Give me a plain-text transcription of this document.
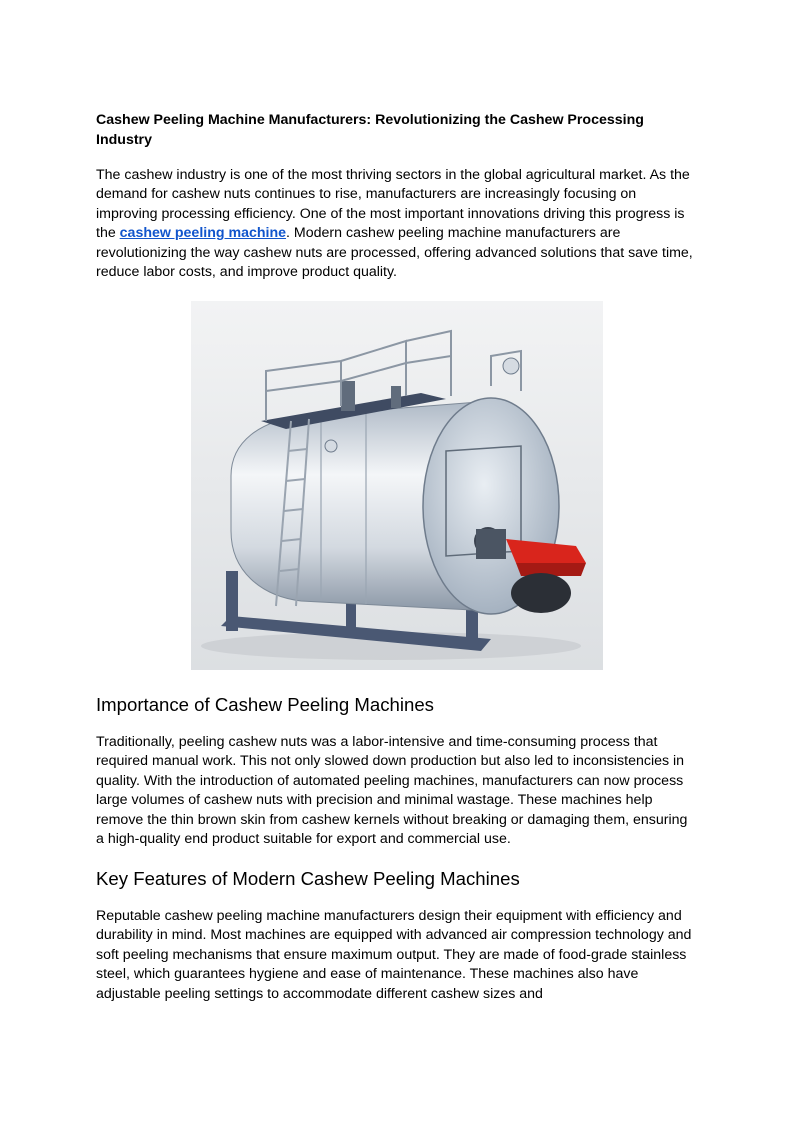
Cashew Peeling Machine Manufacturers: Revolutionizing the Cashew Processing Industry

The cashew industry is one of the most thriving sectors in the global agricultural market. As the demand for cashew nuts continues to rise, manufacturers are increasingly focusing on improving processing efficiency. One of the most important innovations driving this progress is the cashew peeling machine. Modern cashew peeling machine manufacturers are revolutionizing the way cashew nuts are processed, offering advanced solutions that save time, reduce labor costs, and improve product quality.

Importance of Cashew Peeling Machines

Traditionally, peeling cashew nuts was a labor-intensive and time-consuming process that required manual work. This not only slowed down production but also led to inconsistencies in quality. With the introduction of automated peeling machines, manufacturers can now process large volumes of cashew nuts with precision and minimal wastage. These machines help remove the thin brown skin from cashew kernels without breaking or damaging them, ensuring a high-quality end product suitable for export and commercial use.

Key Features of Modern Cashew Peeling Machines

Reputable cashew peeling machine manufacturers design their equipment with efficiency and durability in mind. Most machines are equipped with advanced air compression technology and soft peeling mechanisms that ensure maximum output. They are made of food-grade stainless steel, which guarantees hygiene and ease of maintenance. These machines also have adjustable peeling settings to accommodate different cashew sizes and
